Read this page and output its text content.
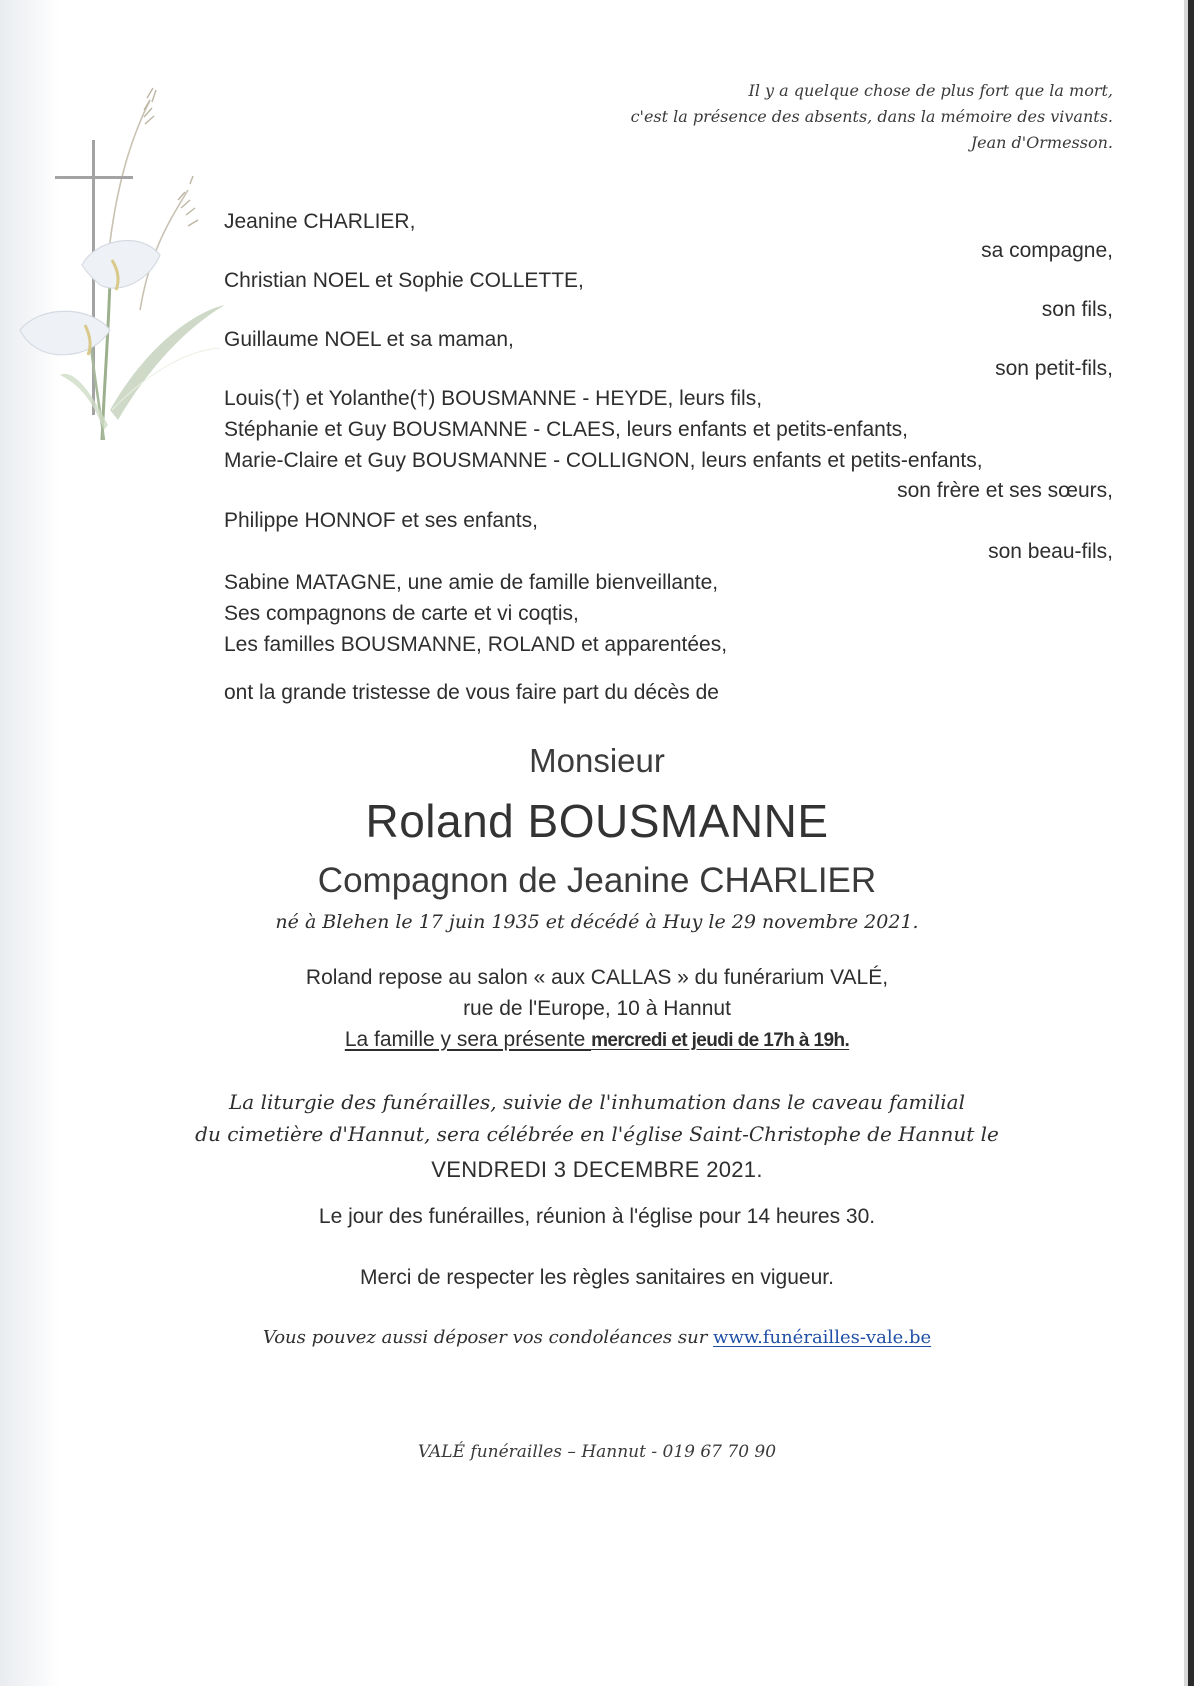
Il y a quelque chose de plus fort que la mort,
c'est la présence des absents, dans la mémoire des vivants.
Jean d'Ormesson.
Jeanine CHARLIER,
sa compagne,
Christian NOEL et Sophie COLLETTE,
son fils,
Guillaume NOEL et sa maman,
son petit-fils,
Louis(†) et Yolanthe(†) BOUSMANNE - HEYDE, leurs fils,
Stéphanie et Guy BOUSMANNE - CLAES, leurs enfants et petits-enfants,
Marie-Claire et Guy BOUSMANNE - COLLIGNON, leurs enfants et petits-enfants,
son frère et ses sœurs,
Philippe HONNOF et ses enfants,
son beau-fils,
Sabine MATAGNE, une amie de famille bienveillante,
Ses compagnons de carte et vi coqtis,
Les familles BOUSMANNE, ROLAND et apparentées,
ont la grande tristesse de vous faire part du décès de
Monsieur
Roland BOUSMANNE
Compagnon de Jeanine CHARLIER
né à Blehen le 17 juin 1935 et décédé à Huy le 29 novembre 2021.
Roland repose au salon « aux CALLAS » du funérarium VALÉ,
rue de l'Europe, 10 à Hannut
La famille y sera présente mercredi et jeudi de 17h à 19h.
La liturgie des funérailles, suivie de l'inhumation dans le caveau familial
du cimetière d'Hannut, sera célébrée en l'église Saint-Christophe de Hannut le
VENDREDI 3 DECEMBRE 2021.
Le jour des funérailles, réunion à l'église pour 14 heures 30.
Merci de respecter les règles sanitaires en vigueur.
Vous pouvez aussi déposer vos condoléances sur www.funérailles-vale.be
VALÉ funérailles – Hannut - 019 67 70 90
